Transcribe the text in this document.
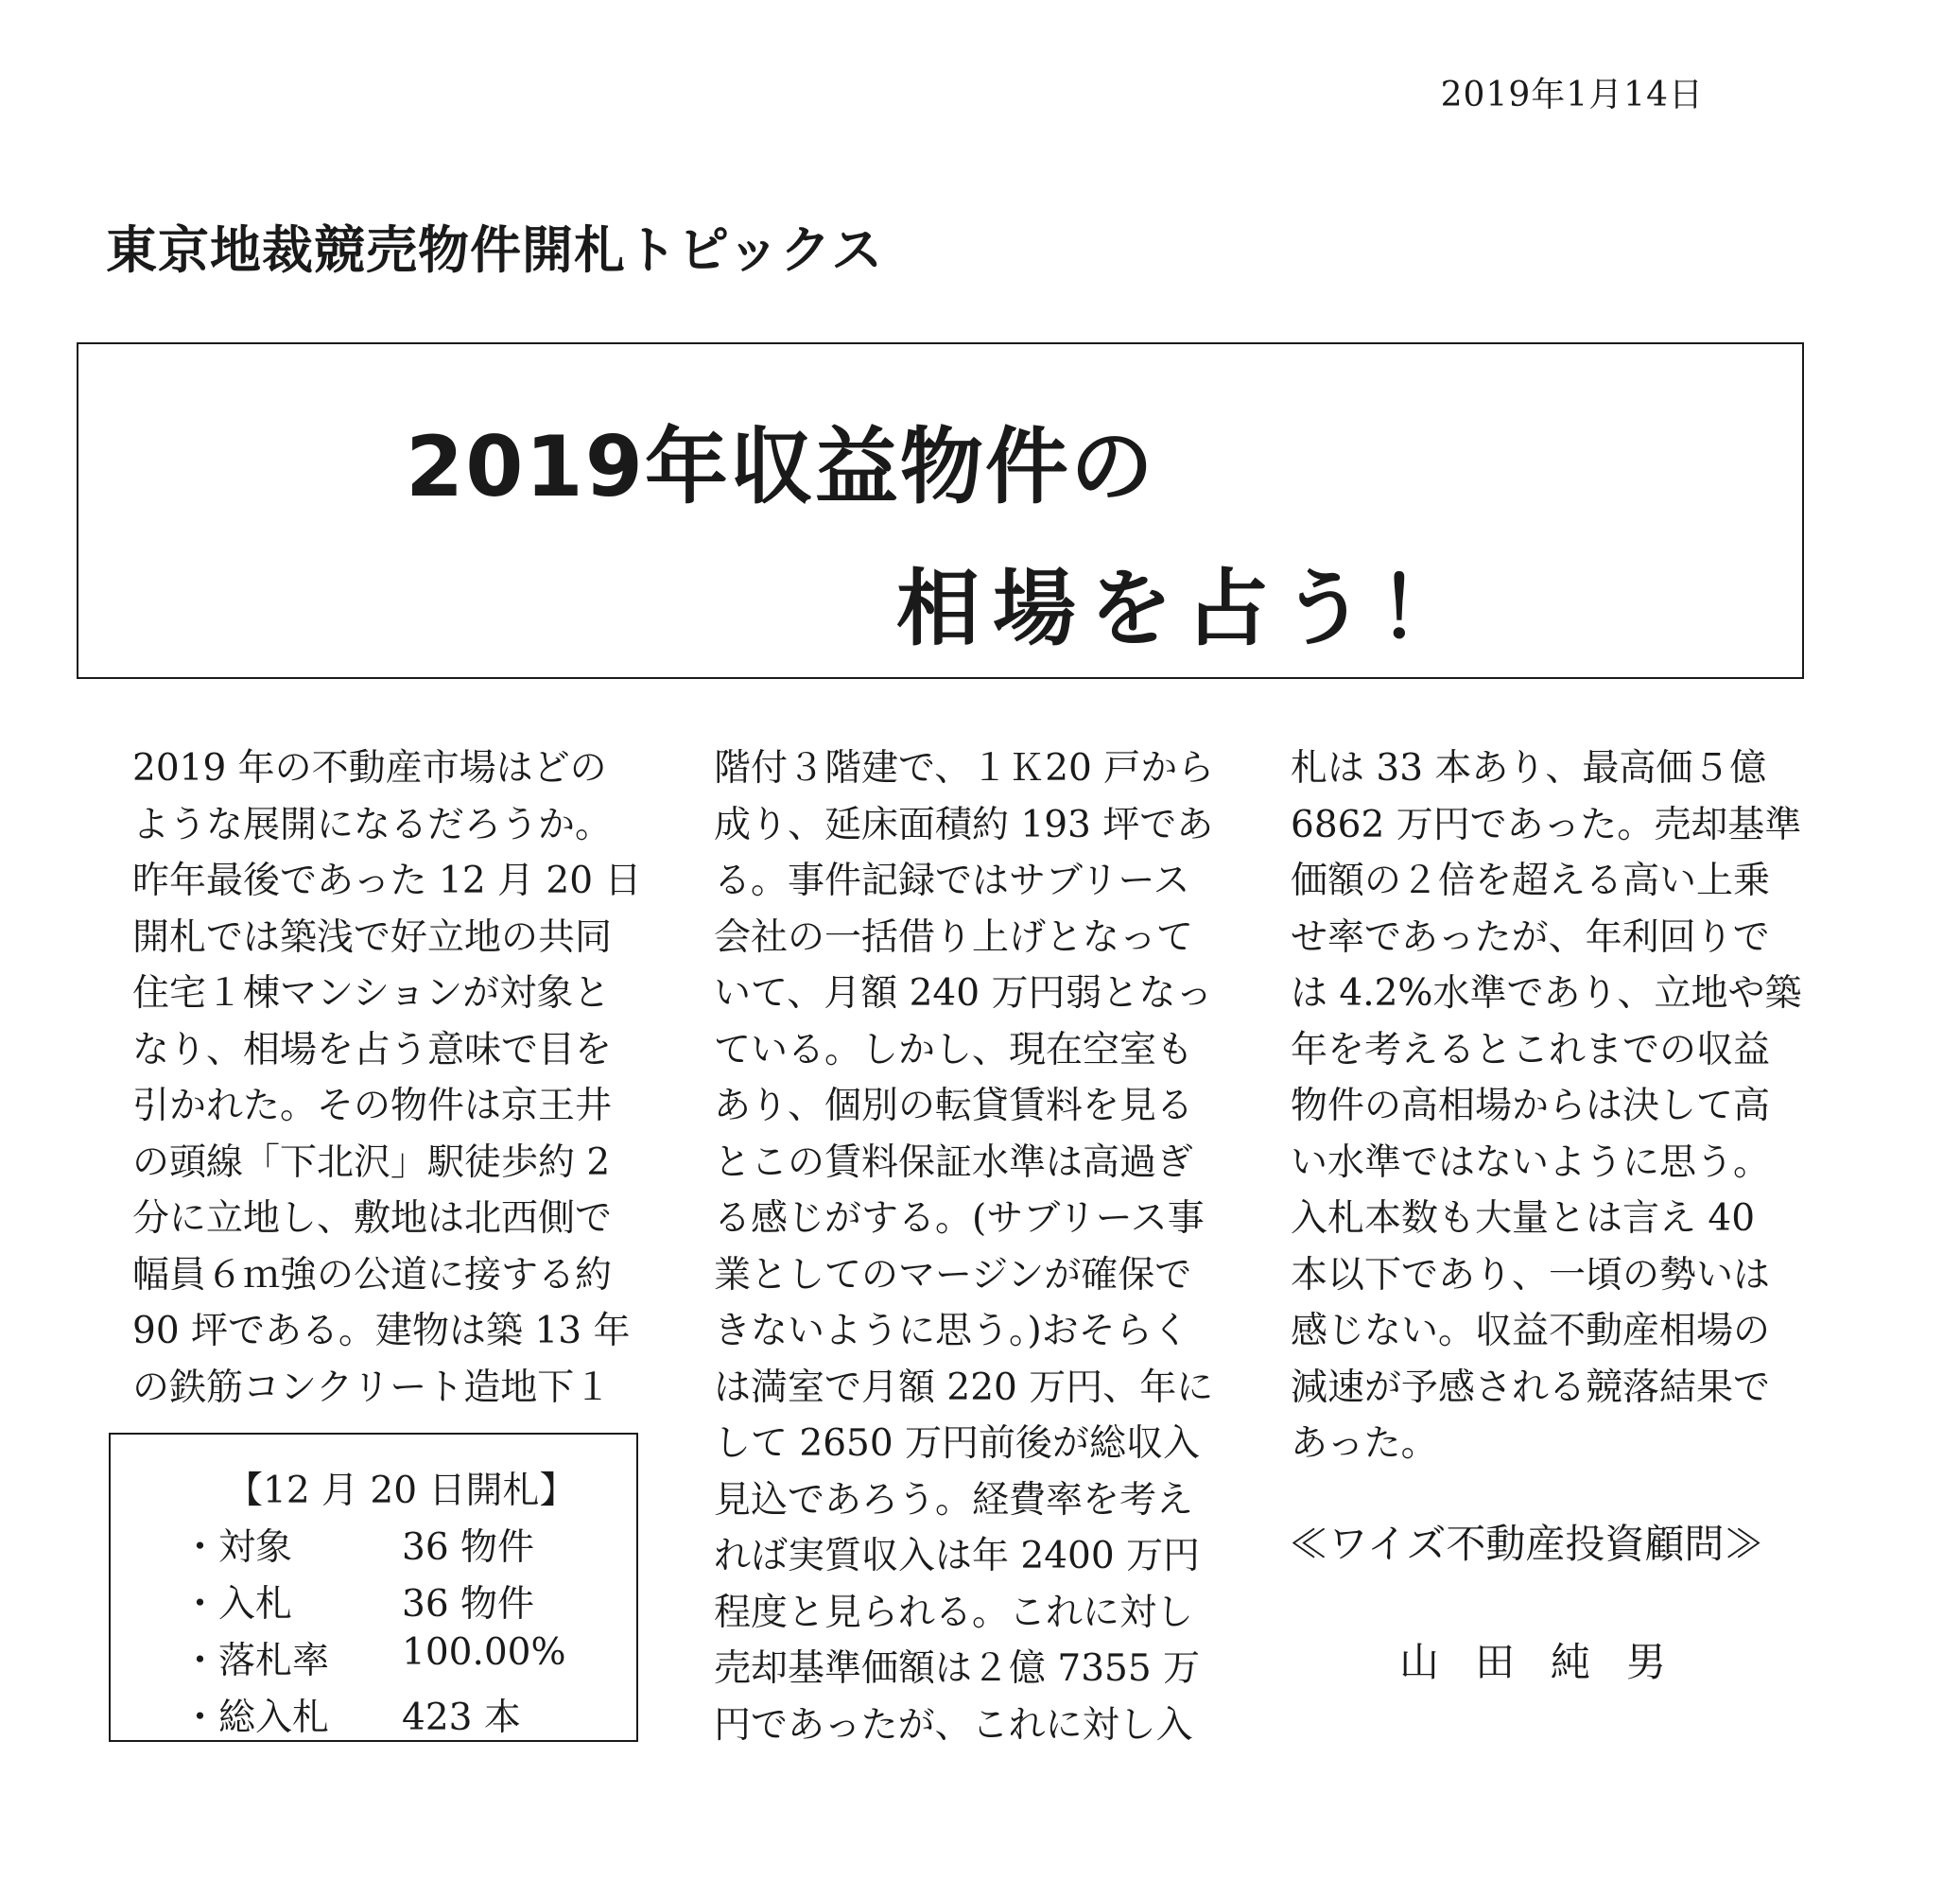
2019年1月14日
東京地裁競売物件開札トピックス
2019年収益物件の
相場を占う！
2019 年の不動産市場はどの
ような展開になるだろうか。
昨年最後であった 12 月 20 日
開札では築浅で好立地の共同
住宅１棟マンションが対象と
なり、相場を占う意味で目を
引かれた。その物件は京王井
の頭線「下北沢」駅徒歩約 2
分に立地し、敷地は北西側で
幅員６ｍ強の公道に接する約
90 坪である。建物は築 13 年
の鉄筋コンクリート造地下１
階付３階建で、１Ｋ20 戸から
成り、延床面積約 193 坪であ
る。事件記録ではサブリース
会社の一括借り上げとなって
いて、月額 240 万円弱となっ
ている。しかし、現在空室も
あり、個別の転貸賃料を見る
とこの賃料保証水準は高過ぎ
る感じがする。(サブリース事
業としてのマージンが確保で
きないように思う。)おそらく
は満室で月額 220 万円、年に
して 2650 万円前後が総収入
見込であろう。経費率を考え
れば実質収入は年 2400 万円
程度と見られる。これに対し
売却基準価額は２億 7355 万
円であったが、これに対し入
札は 33 本あり、最高価５億
6862 万円であった。売却基準
価額の２倍を超える高い上乗
せ率であったが、年利回りで
は 4.2%水準であり、立地や築
年を考えるとこれまでの収益
物件の高相場からは決して高
い水準ではないように思う。
入札本数も大量とは言え 40
本以下であり、一頃の勢いは
感じない。収益不動産相場の
減速が予感される競落結果で
あった。
【12 月 20 日開札】
・対象	36 物件
・入札	36 物件
・落札率 100.00%
・総入札 423 本
≪ワイズ不動産投資顧問≫
山田純男
